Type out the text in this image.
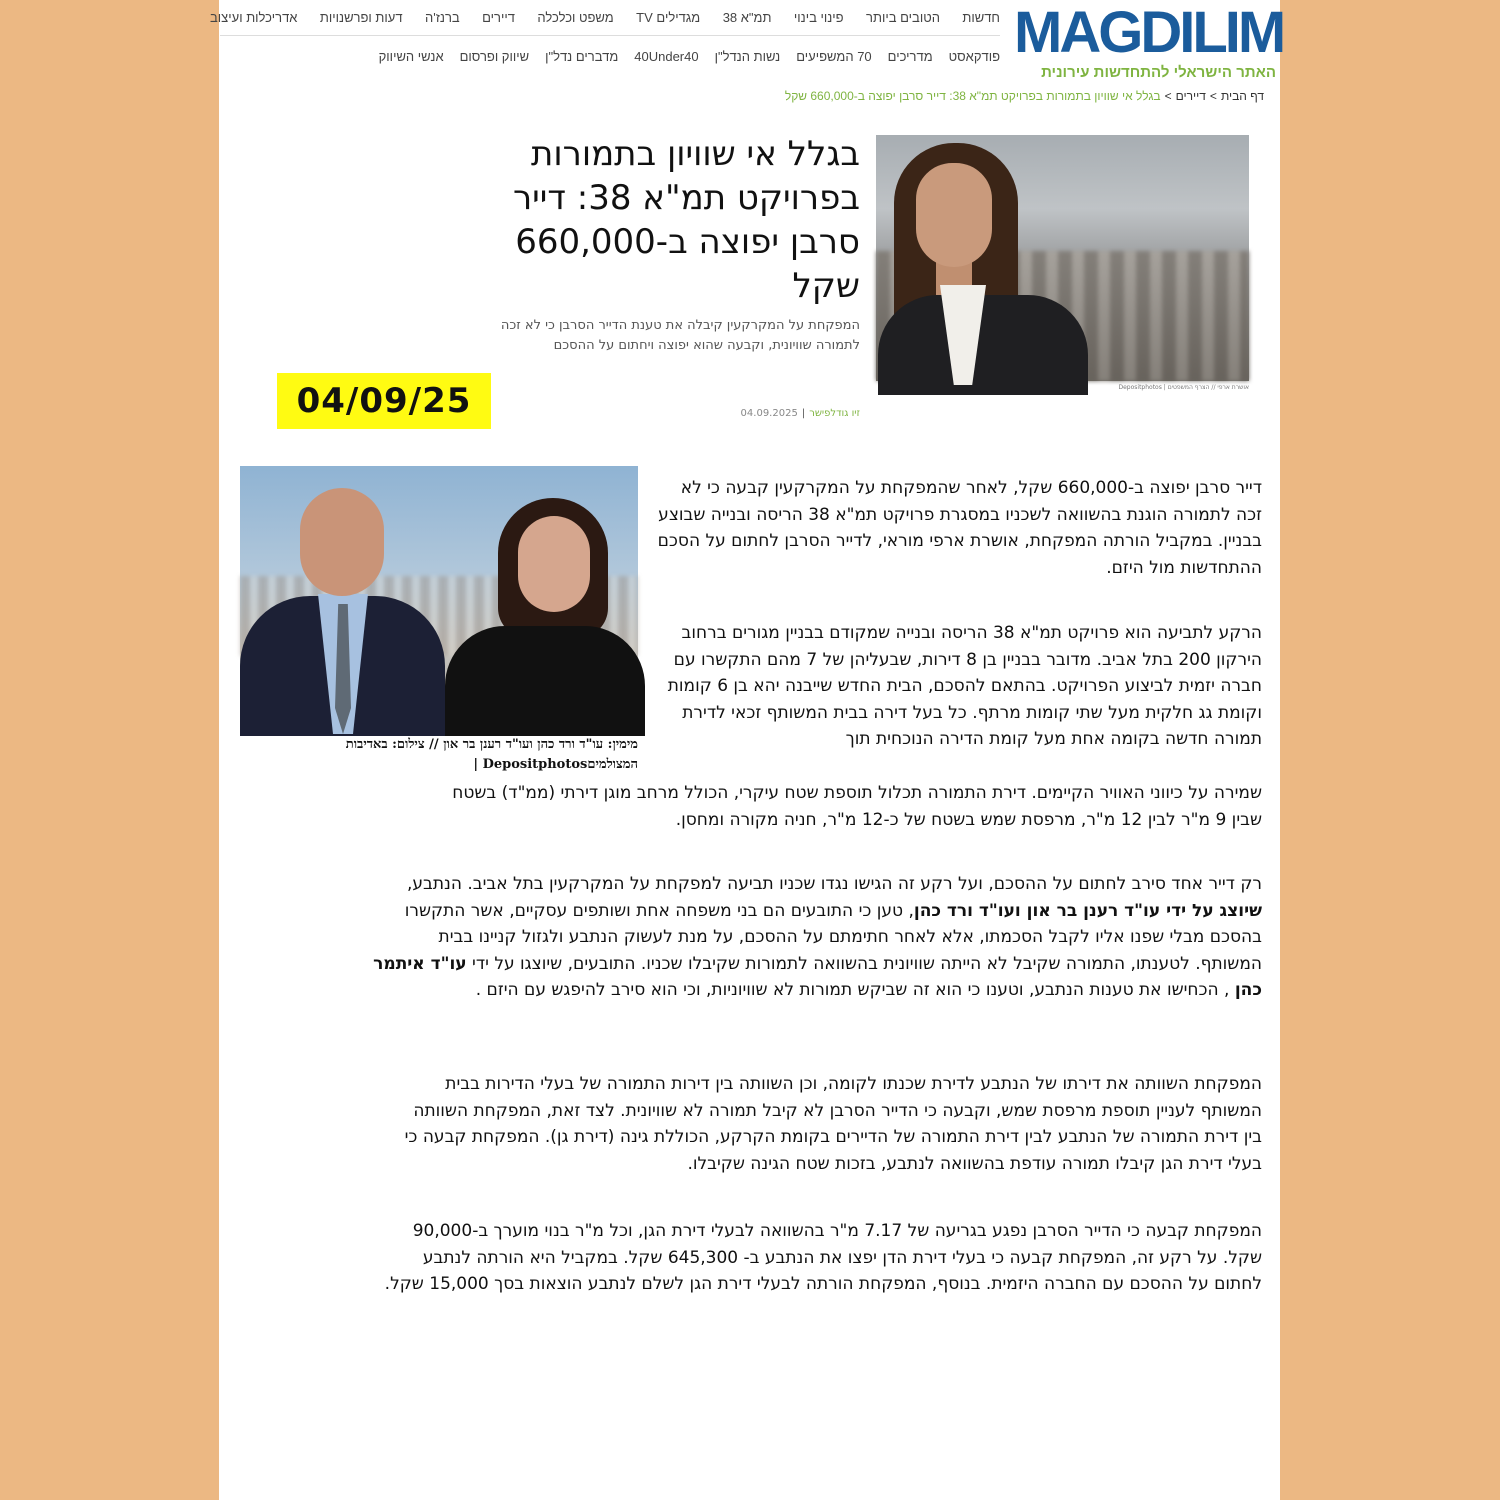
MAGDILIM
האתר הישראלי להתחדשות עירונית
חדשות
הטובים ביותר
פינוי בינוי
תמ"א 38
מגדילים TV
משפט וכלכלה
דיירים
ברנז'ה
דעות ופרשנויות
אדריכלות ועיצוב
פודקאסט
מדריכים
70 המשפיעים
נשות הנדל"ן
40Under40
מדברים נדל"ן
שיווק ופרסום
אנשי השיווק
דף הבית>דיירים>בגלל אי שוויון בתמורות בפרויקט תמ"א 38: דייר סרבן יפוצה ב-660,000 שקל
אושרת ארפי // הצרף המשפטים | Depositphotos
בגלל אי שוויון בתמורות בפרויקט תמ"א 38: דייר סרבן יפוצה ב-660,000 שקל

המפקחת על המקרקעין קיבלה את טענת הדייר הסרבן כי לא זכה לתמורה שוויונית, וקבעה שהוא יפוצה ויחתום על ההסכם

זיו גודלפישר|04.09.2025
04/09/25
מימין: עו"ד ורד כהן ועו"ד רענן בר און // צילום: באדיבות המצולמיםDepositphotos |

דייר סרבן יפוצה ב-660,000 שקל, לאחר שהמפקחת על המקרקעין קבעה כי לא זכה לתמורה הוגנת בהשוואה לשכניו במסגרת פרויקט תמ"א 38 הריסה ובנייה שבוצע בבניין. במקביל הורתה המפקחת, אושרת ארפי מוראי, לדייר הסרבן לחתום על הסכם ההתחדשות מול היזם.

הרקע לתביעה הוא פרויקט תמ"א 38 הריסה ובנייה שמקודם בבניין מגורים ברחוב הירקון 200 בתל אביב. מדובר בבניין בן 8 דירות, שבעליהן של 7 מהם התקשרו עם חברה יזמית לביצוע הפרויקט. בהתאם להסכם, הבית החדש שייבנה יהא בן 6 קומות וקומת גג חלקית מעל שתי קומות מרתף. כל בעל דירה בבית המשותף זכאי לדירת תמורה חדשה בקומה אחת מעל קומת הדירה הנוכחית תוך

שמירה על כיווני האוויר הקיימים. דירת התמורה תכלול תוספת שטח עיקרי, הכולל מרחב מוגן דירתי (ממ"ד) בשטח שבין 9 מ"ר לבין 12 מ"ר, מרפסת שמש בשטח של כ-12 מ"ר, חניה מקורה ומחסן.

רק דייר אחד סירב לחתום על ההסכם, ועל רקע זה הגישו נגדו שכניו תביעה למפקחת על המקרקעין בתל אביב. הנתבע, שיוצג על ידי עו"ד רענן בר און ועו"ד ורד כהן, טען כי התובעים הם בני משפחה אחת ושותפים עסקיים, אשר התקשרו בהסכם מבלי שפנו אליו לקבל הסכמתו, אלא לאחר חתימתם על ההסכם, על מנת לעשוק הנתבע ולגזול קניינו בבית המשותף. לטענתו, התמורה שקיבל לא הייתה שוויונית בהשוואה לתמורות שקיבלו שכניו. התובעים, שיוצגו על ידי עו"ד איתמר כהן , הכחישו את טענות הנתבע, וטענו כי הוא זה שביקש תמורות לא שוויוניות, וכי הוא סירב להיפגש עם היזם .

המפקחת השוותה את דירתו של הנתבע לדירת שכנתו לקומה, וכן השוותה בין דירות התמורה של בעלי הדירות בבית המשותף לעניין תוספת מרפסת שמש, וקבעה כי הדייר הסרבן לא קיבל תמורה לא שוויונית. לצד זאת, המפקחת השוותה בין דירת התמורה של הנתבע לבין דירת התמורה של הדיירים בקומת הקרקע, הכוללת גינה (דירת גן). המפקחת קבעה כי בעלי דירת הגן קיבלו תמורה עודפת בהשוואה לנתבע, בזכות שטח הגינה שקיבלו.

המפקחת קבעה כי הדייר הסרבן נפגע בגריעה של 7.17 מ"ר בהשוואה לבעלי דירת הגן, וכל מ"ר בנוי מוערך ב-90,000 שקל. על רקע זה, המפקחת קבעה כי בעלי דירת הדן יפצו את הנתבע ב- 645,300 שקל. במקביל היא הורתה לנתבע לחתום על ההסכם עם החברה היזמית. בנוסף, המפקחת הורתה לבעלי דירת הגן לשלם לנתבע הוצאות בסך 15,000 שקל.
